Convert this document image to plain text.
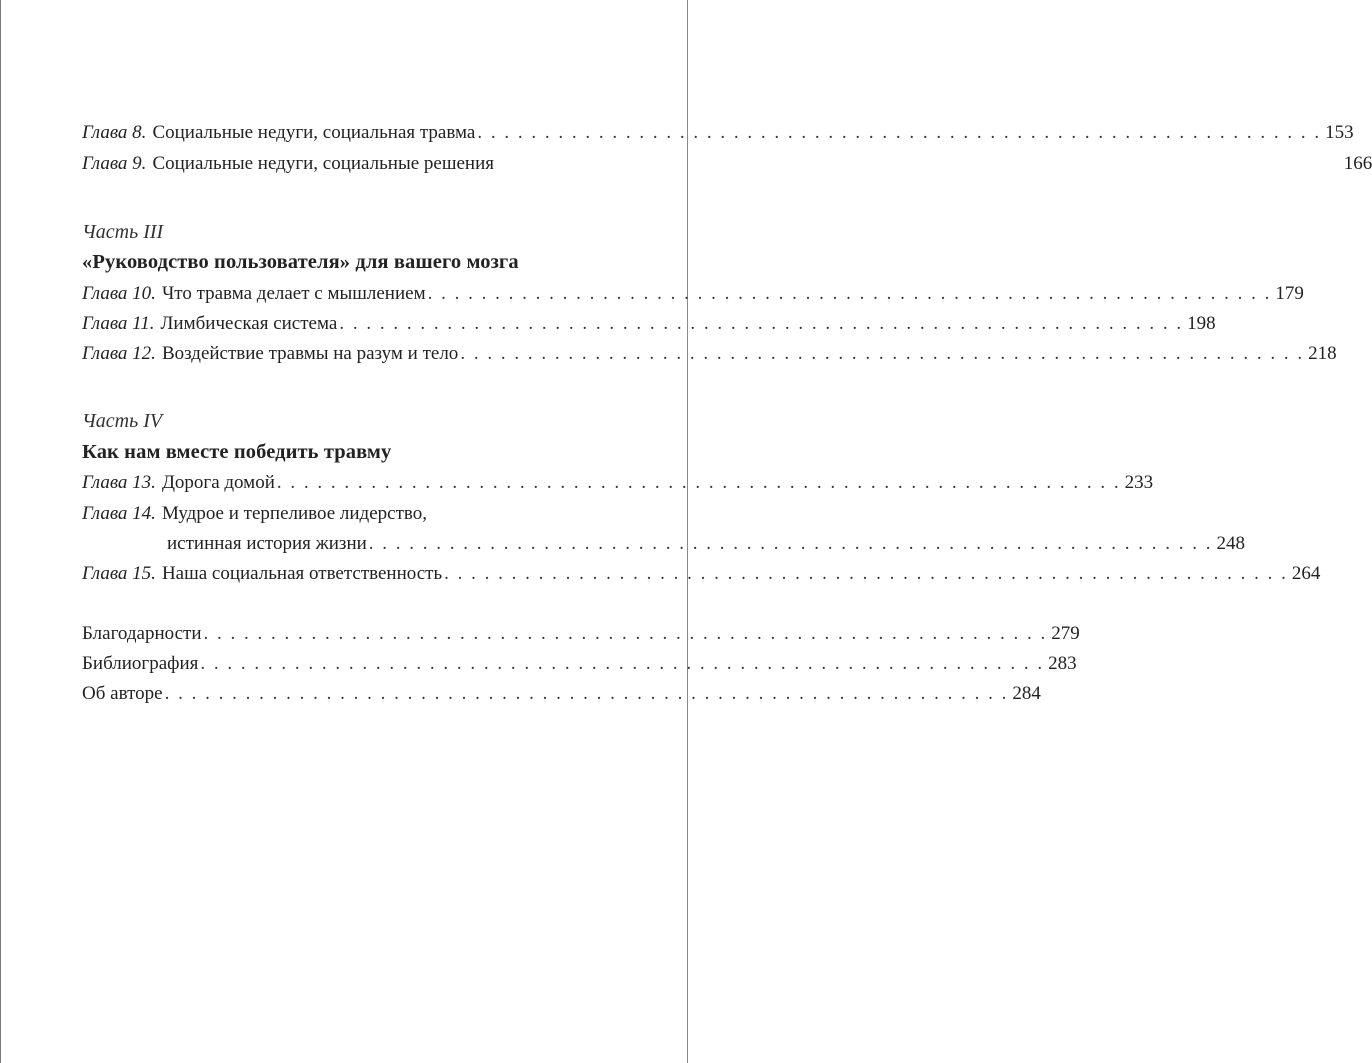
Глава 8. Социальные недуги, социальная травма . . .	153
Глава 9. Социальные недуги, социальные решения	166
Часть III
«Руководство пользователя» для вашего мозга
Глава 10. Что травма делает с мышлением . . .	179
Глава 11. Лимбическая система . . .	198
Глава 12. Воздействие травмы на разум и тело . . .	218
Часть IV
Как нам вместе победить травму
Глава 13. Дорога домой . . .	233
Глава 14. Мудрое и терпеливое лидерство,
истинная история жизни . . .	248
Глава 15. Наша социальная ответственность . . .	264
Благодарности . . .	279
Библиография . . .	283
Об авторе . . .	284
